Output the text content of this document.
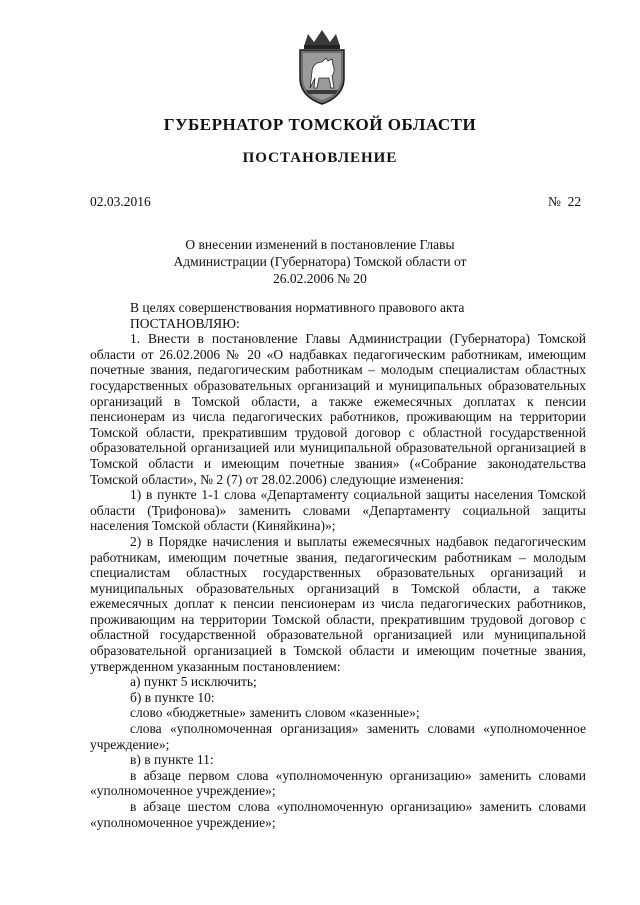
ГУБЕРНАТОР ТОМСКОЙ ОБЛАСТИ
ПОСТАНОВЛЕНИЕ
02.03.2016	№  22
О внесении изменений в постановление Главы Администрации (Губернатора) Томской области от 26.02.2006 № 20

В целях совершенствования нормативного правового акта

ПОСТАНОВЛЯЮ:

1. Внести в постановление Главы Администрации (Губернатора) Томской области от 26.02.2006 № 20 «О надбавках педагогическим работникам, имеющим почетные звания, педагогическим работникам – молодым специалистам областных государственных образовательных организаций и муниципальных образовательных организаций в Томской области, а также ежемесячных доплатах к пенсии пенсионерам из числа педагогических работников, проживающим на территории Томской области, прекратившим трудовой договор с областной государственной образовательной организацией или муниципальной образовательной организацией в Томской области и имеющим почетные звания» («Собрание законодательства Томской области», № 2 (7) от 28.02.2006) следующие изменения:

1) в пункте 1-1 слова «Департаменту социальной защиты населения Томской области (Трифонова)» заменить словами «Департаменту социальной защиты населения Томской области (Киняйкина)»;

2) в Порядке начисления и выплаты ежемесячных надбавок педагогическим работникам, имеющим почетные звания, педагогическим работникам – молодым специалистам областных государственных образовательных организаций и муниципальных образовательных организаций в Томской области, а также ежемесячных доплат к пенсии пенсионерам из числа педагогических работников, проживающим на территории Томской области, прекратившим трудовой договор с областной государственной образовательной организацией или муниципальной образовательной организацией в Томской области и имеющим почетные звания, утвержденном указанным постановлением:

а) пункт 5 исключить;

б) в пункте 10:

слово «бюджетные» заменить словом «казенные»;

слова «уполномоченная организация» заменить словами «уполномоченное учреждение»;

в) в пункте 11:

в абзаце первом слова «уполномоченную организацию» заменить словами «уполномоченное учреждение»;

в абзаце шестом слова «уполномоченную организацию» заменить словами «уполномоченное учреждение»;
